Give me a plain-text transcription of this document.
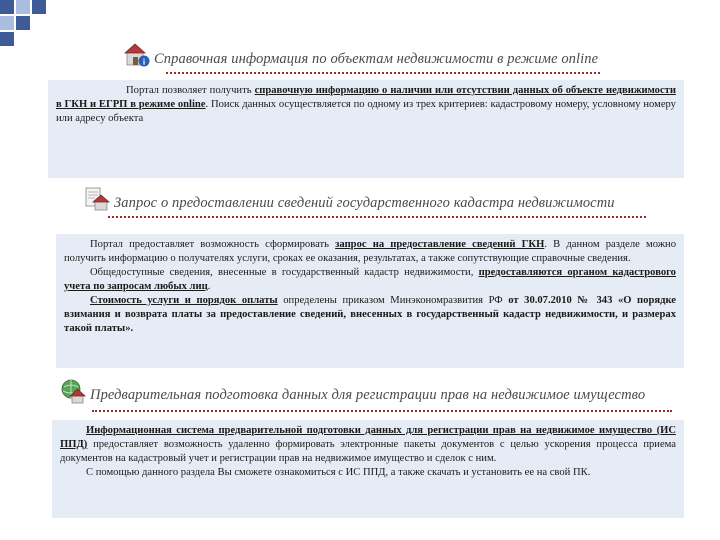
i Справочная информация по объектам недвижимости в режиме online

Портал позволяет получить справочную информацию о наличии или отсутствии данных об объекте недвижимости в ГКН и ЕГРП в режиме online. Поиск данных осуществляется по одному из трех критериев: кадастровому номеру, условному номеру или адресу объекта

Запрос о предоставлении сведений государственного кадастра недвижимости

Портал предоставляет возможность сформировать запрос на предоставление сведений ГКН. В данном разделе можно получить информацию о получателях услуги, сроках ее оказания, результатах, а также сопутствующие справочные сведения.

Общедоступные сведения, внесенные в государственный кадастр недвижимости, предоставляются органом кадастрового учета по запросам любых лиц.

Стоимость услуги и порядок оплаты определены приказом Минэкономразвития РФ от 30.07.2010 № 343 «О порядке взимания и возврата платы за предоставление сведений, внесенных в государственный кадастр недвижимости, и размерах такой платы».

Предварительная подготовка данных для регистрации прав на недвижимое имущество

Информационная система предварительной подготовки данных для регистрации прав на недвижимое имущество (ИС ППД) предоставляет возможность удаленно формировать электронные пакеты документов с целью ускорения процесса приема документов на кадастровый учет и регистрации прав на недвижимое имущество и сделок с ним.

С помощью данного раздела Вы сможете ознакомиться с ИС ППД, а также скачать и установить ее на свой ПК.
